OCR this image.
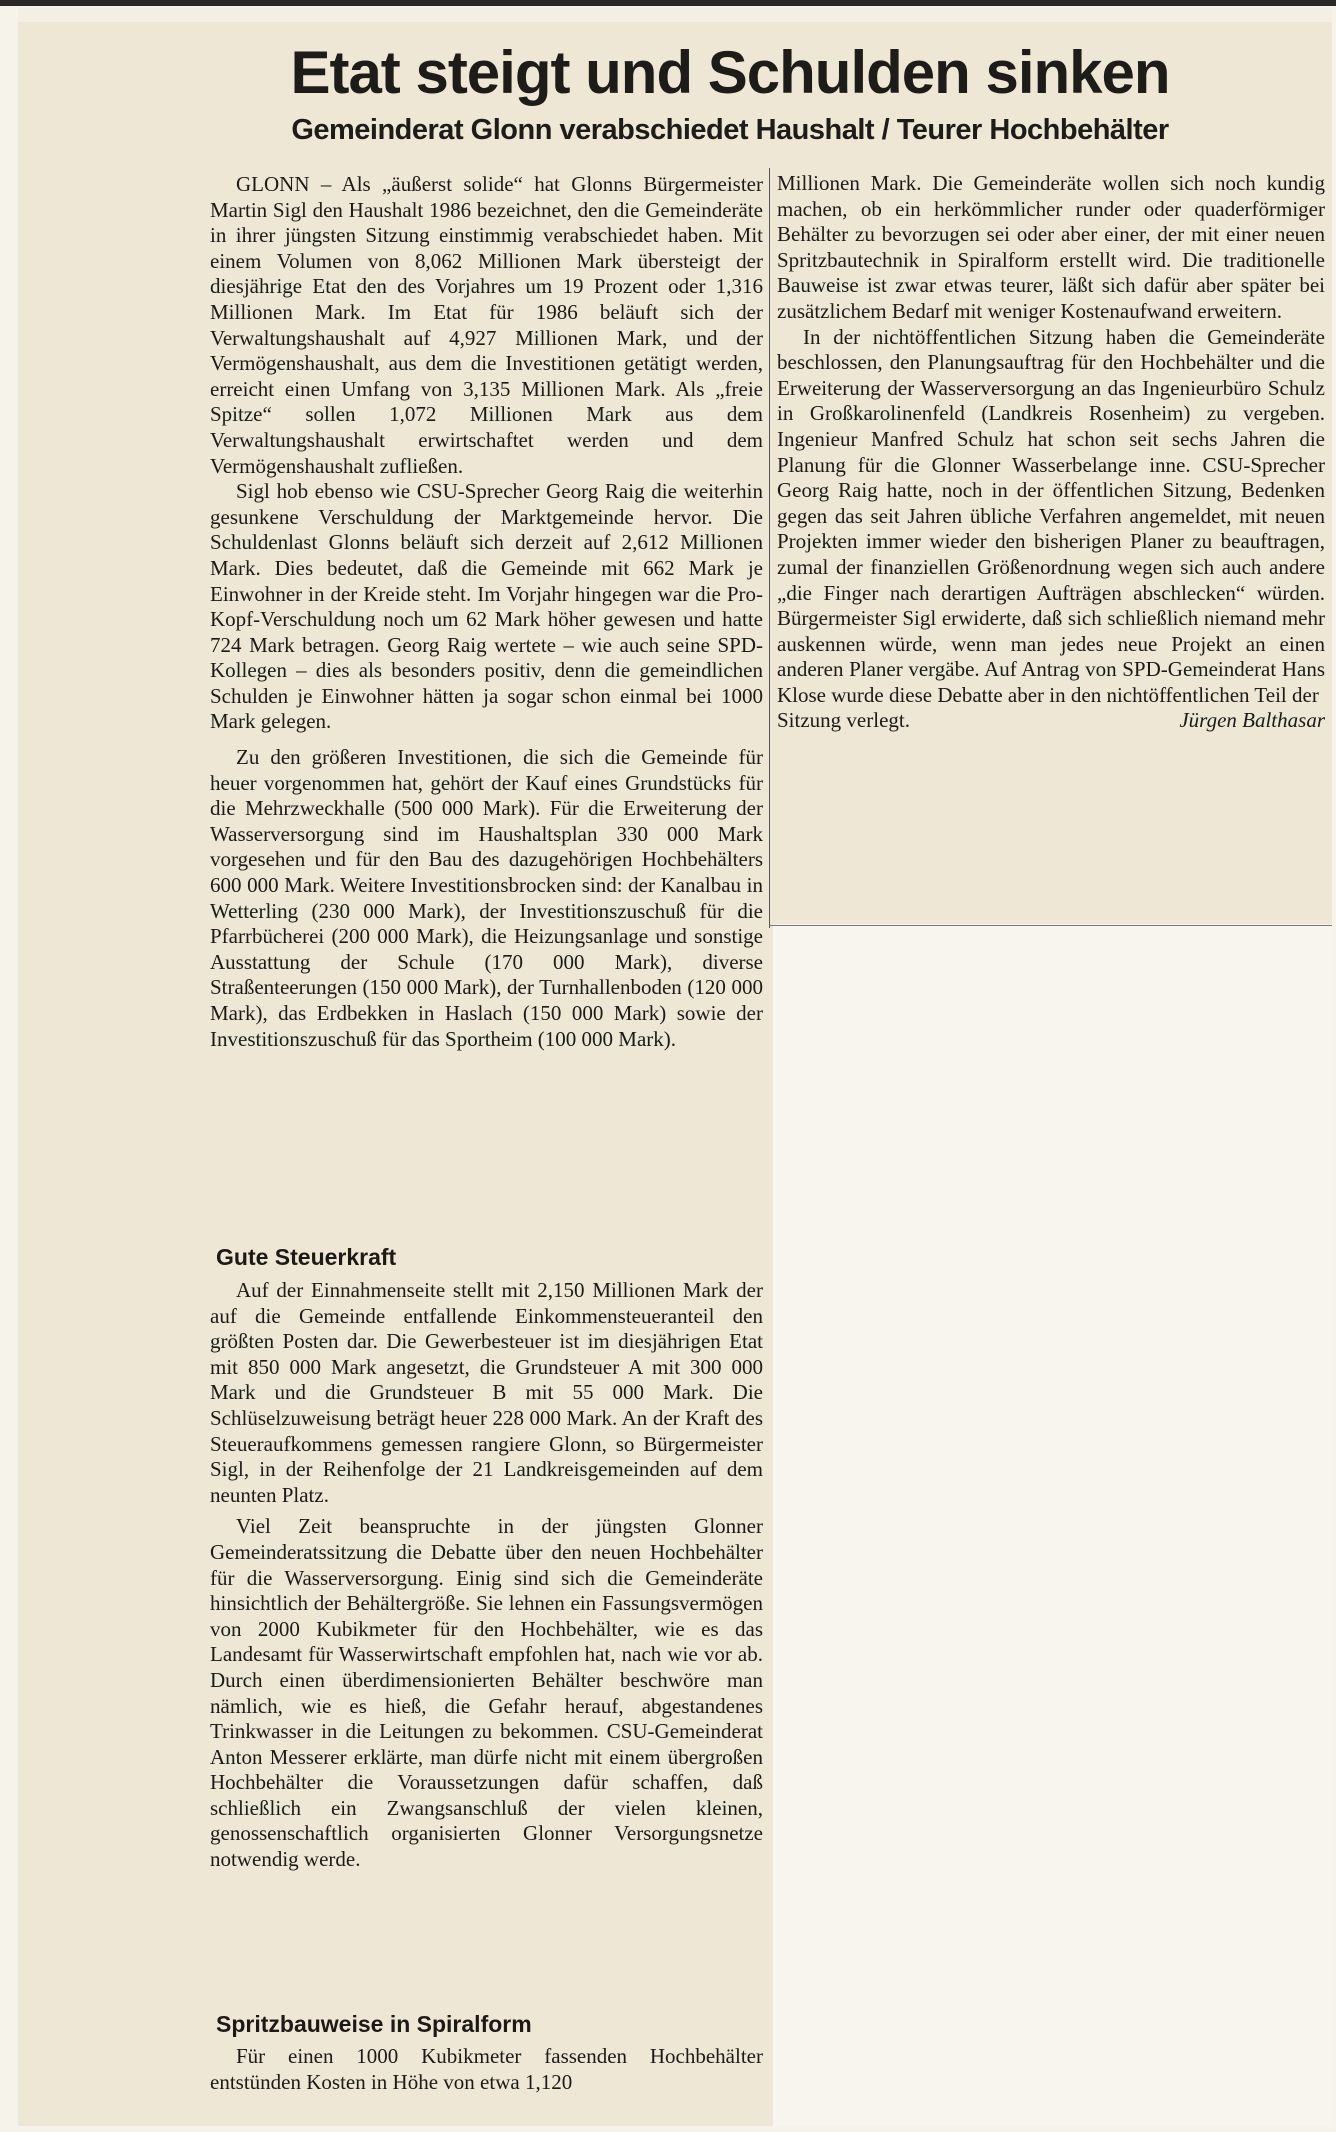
Etat steigt und Schulden sinken
Gemeinderat Glonn verabschiedet Haushalt / Teurer Hochbehälter

GLONN – Als „äußerst solide“ hat Glonns Bürgermeister Martin Sigl den Haushalt 1986 bezeichnet, den die Gemeinderäte in ihrer jüngsten Sitzung einstimmig verabschiedet haben. Mit einem Volumen von 8,062 Millionen Mark übersteigt der diesjährige Etat den des Vorjahres um 19 Prozent oder 1,316 Millionen Mark. Im Etat für 1986 beläuft sich der Verwaltungshaushalt auf 4,927 Millionen Mark, und der Vermögenshaushalt, aus dem die Investitionen getätigt werden, erreicht einen Umfang von 3,135 Millionen Mark. Als „freie Spitze“ sollen 1,072 Millionen Mark aus dem Verwaltungshaushalt erwirtschaftet werden und dem Vermögenshaushalt zufließen.

Sigl hob ebenso wie CSU-Sprecher Georg Raig die weiterhin gesunkene Verschuldung der Marktgemeinde hervor. Die Schuldenlast Glonns beläuft sich derzeit auf 2,612 Millionen Mark. Dies bedeutet, daß die Gemeinde mit 662 Mark je Einwohner in der Kreide steht. Im Vorjahr hingegen war die Pro-Kopf-Verschuldung noch um 62 Mark höher gewesen und hatte 724 Mark betragen. Georg Raig wertete – wie auch seine SPD-Kollegen – dies als besonders positiv, denn die gemeindlichen Schulden je Einwohner hätten ja sogar schon einmal bei 1000 Mark gelegen.

Zu den größeren Investitionen, die sich die Gemeinde für heuer vorgenommen hat, gehört der Kauf eines Grundstücks für die Mehrzweckhalle (500 000 Mark). Für die Erweiterung der Wasserversorgung sind im Haushaltsplan 330 000 Mark vorgesehen und für den Bau des dazugehörigen Hochbehälters 600 000 Mark. Weitere Investitionsbrocken sind: der Kanalbau in Wetterling (230 000 Mark), der Investitionszuschuß für die Pfarrbücherei (200 000 Mark), die Heizungsanlage und sonstige Ausstattung der Schule (170 000 Mark), diverse Straßenteerungen (150 000 Mark), der Turnhallenboden (120 000 Mark), das Erdbekken in Haslach (150 000 Mark) sowie der Investitionszuschuß für das Sportheim (100 000 Mark).

Gute Steuerkraft

Auf der Einnahmenseite stellt mit 2,150 Millionen Mark der auf die Gemeinde entfallende Einkommensteueranteil den größten Posten dar. Die Gewerbesteuer ist im diesjährigen Etat mit 850 000 Mark angesetzt, die Grundsteuer A mit 300 000 Mark und die Grundsteuer B mit 55 000 Mark. Die Schlüselzuweisung beträgt heuer 228 000 Mark. An der Kraft des Steueraufkommens gemessen rangiere Glonn, so Bürgermeister Sigl, in der Reihenfolge der 21 Landkreisgemeinden auf dem neunten Platz.

Viel Zeit beanspruchte in der jüngsten Glonner Gemeinderatssitzung die Debatte über den neuen Hochbehälter für die Wasserversorgung. Einig sind sich die Gemeinderäte hinsichtlich der Behältergröße. Sie lehnen ein Fassungsvermögen von 2000 Kubikmeter für den Hochbehälter, wie es das Landesamt für Wasserwirtschaft empfohlen hat, nach wie vor ab. Durch einen überdimensionierten Behälter beschwöre man nämlich, wie es hieß, die Gefahr herauf, abgestandenes Trinkwasser in die Leitungen zu bekommen. CSU-Gemeinderat Anton Messerer erklärte, man dürfe nicht mit einem übergroßen Hochbehälter die Voraussetzungen dafür schaffen, daß schließlich ein Zwangsanschluß der vielen kleinen, genossenschaftlich organisierten Glonner Versorgungsnetze notwendig werde.

Spritzbauweise in Spiralform

Für einen 1000 Kubikmeter fassenden Hochbehälter entstünden Kosten in Höhe von etwa 1,120

Millionen Mark. Die Gemeinderäte wollen sich noch kundig machen, ob ein herkömmlicher runder oder quaderförmiger Behälter zu bevorzugen sei oder aber einer, der mit einer neuen Spritzbautechnik in Spiralform erstellt wird. Die traditionelle Bauweise ist zwar etwas teurer, läßt sich dafür aber später bei zusätzlichem Bedarf mit weniger Kostenaufwand erweitern.

In der nichtöffentlichen Sitzung haben die Gemeinderäte beschlossen, den Planungsauftrag für den Hochbehälter und die Erweiterung der Wasserversorgung an das Ingenieurbüro Schulz in Großkarolinenfeld (Landkreis Rosenheim) zu vergeben. Ingenieur Manfred Schulz hat schon seit sechs Jahren die Planung für die Glonner Wasserbelange inne. CSU-Sprecher Georg Raig hatte, noch in der öffentlichen Sitzung, Bedenken gegen das seit Jahren übliche Verfahren angemeldet, mit neuen Projekten immer wieder den bisherigen Planer zu beauftragen, zumal der finanziellen Größenordnung wegen sich auch andere „die Finger nach derartigen Aufträgen abschlecken“ würden. Bürgermeister Sigl erwiderte, daß sich schließlich niemand mehr auskennen würde, wenn man jedes neue Projekt an einen anderen Planer vergäbe. Auf Antrag von SPD-Gemeinderat Hans Klose wurde diese Debatte aber in den nichtöffentlichen Teil der

Sitzung verlegt.	Jürgen Balthasar
